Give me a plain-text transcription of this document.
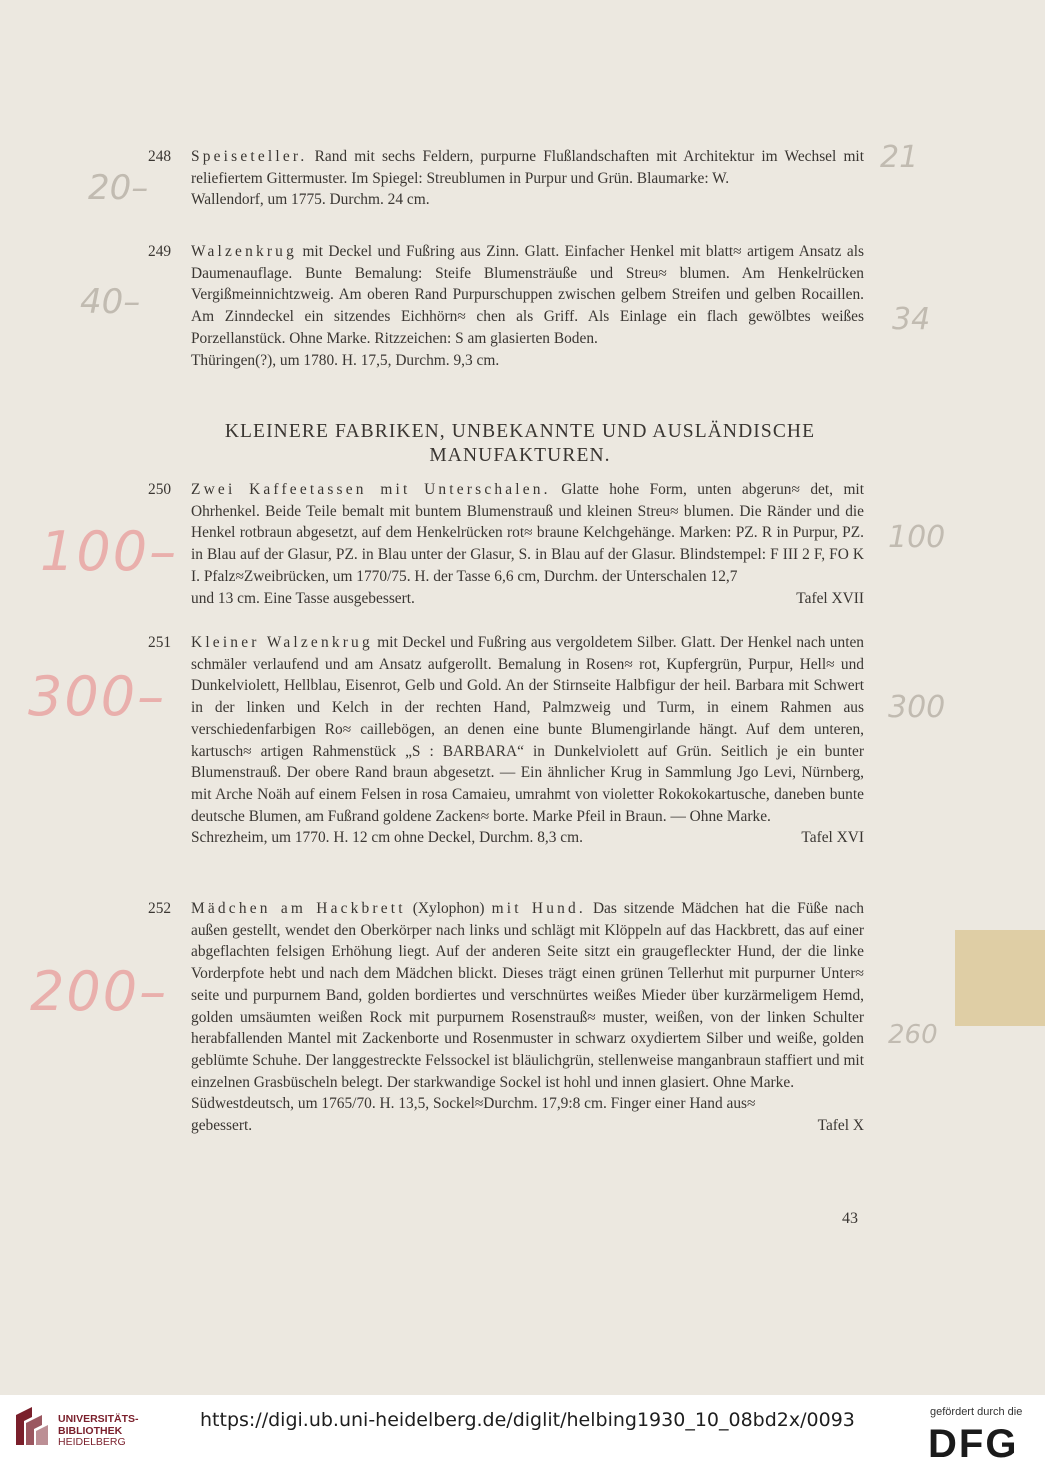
248 Speiseteller. Rand mit sechs Feldern, purpurne Flußlandschaften mit Architektur im Wechsel mit reliefiertem Gittermuster. Im Spiegel: Streublumen in Purpur und Grün. Blaumarke: W.

Wallendorf, um 1775. Durchm. 24 cm.

249 Walzenkrug mit Deckel und Fußring aus Zinn. Glatt. Einfacher Henkel mit blatt≈ artigem Ansatz als Daumenauflage. Bunte Bemalung: Steife Blumensträuße und Streu≈ blumen. Am Henkelrücken Vergißmeinnichtzweig. Am oberen Rand Purpurschuppen zwischen gelbem Streifen und gelben Rocaillen. Am Zinndeckel ein sitzendes Eichhörn≈ chen als Griff. Als Einlage ein flach gewölbtes weißes Porzellanstück. Ohne Marke. Ritzzeichen: S am glasierten Boden.

Thüringen(?), um 1780. H. 17,5, Durchm. 9,3 cm.

KLEINERE FABRIKEN, UNBEKANNTE UND AUSLÄNDISCHE
MANUFAKTUREN.
250 Zwei Kaffeetassen mit Unterschalen. Glatte hohe Form, unten abgerun≈ det, mit Ohrhenkel. Beide Teile bemalt mit buntem Blumenstrauß und kleinen Streu≈ blumen. Die Ränder und die Henkel rotbraun abgesetzt, auf dem Henkelrücken rot≈ braune Kelchgehänge. Marken: PZ. R in Purpur, PZ. in Blau auf der Glasur, PZ. in Blau unter der Glasur, S. in Blau auf der Glasur. Blindstempel: F III 2 F, FO K I. Pfalz≈Zweibrücken, um 1770/75. H. der Tasse 6,6 cm, Durchm. der Unterschalen 12,7

und 13 cm. Eine Tasse ausgebessert.	Tafel XVII

251 Kleiner Walzenkrug mit Deckel und Fußring aus vergoldetem Silber. Glatt. Der Henkel nach unten schmäler verlaufend und am Ansatz aufgerollt. Bemalung in Rosen≈ rot, Kupfergrün, Purpur, Hell≈ und Dunkelviolett, Hellblau, Eisenrot, Gelb und Gold. An der Stirnseite Halbfigur der heil. Barbara mit Schwert in der linken und Kelch in der rechten Hand, Palmzweig und Turm, in einem Rahmen aus verschiedenfarbigen Ro≈ caillebögen, an denen eine bunte Blumengirlande hängt. Auf dem unteren, kartusch≈ artigen Rahmenstück „S : BARBARA“ in Dunkelviolett auf Grün. Seitlich je ein bunter Blumenstrauß. Der obere Rand braun abgesetzt. — Ein ähnlicher Krug in Sammlung Jgo Levi, Nürnberg, mit Arche Noäh auf einem Felsen in rosa Camaieu, umrahmt von violetter Rokokokartusche, daneben bunte deutsche Blumen, am Fußrand goldene Zacken≈ borte. Marke Pfeil in Braun. — Ohne Marke.

Schrezheim, um 1770. H. 12 cm ohne Deckel, Durchm. 8,3 cm.	Tafel XVI

252 Mädchen am Hackbrett (Xylophon) mit Hund. Das sitzende Mädchen hat die Füße nach außen gestellt, wendet den Oberkörper nach links und schlägt mit Klöppeln auf das Hackbrett, das auf einer abgeflachten felsigen Erhöhung liegt. Auf der anderen Seite sitzt ein graugefleckter Hund, der die linke Vorderpfote hebt und nach dem Mädchen blickt. Dieses trägt einen grünen Tellerhut mit purpurner Unter≈ seite und purpurnem Band, golden bordiertes und verschnürtes weißes Mieder über kurzärmeligem Hemd, golden umsäumten weißen Rock mit purpurnem Rosenstrauß≈ muster, weißen, von der linken Schulter herabfallenden Mantel mit Zackenborte und Rosenmuster in schwarz oxydiertem Silber und weiße, golden geblümte Schuhe. Der langgestreckte Felssockel ist bläulichgrün, stellenweise manganbraun staffiert und mit einzelnen Grasbüscheln belegt. Der starkwandige Sockel ist hohl und innen glasiert. Ohne Marke.

Südwestdeutsch, um 1765/70. H. 13,5, Sockel≈Durchm. 17,9:8 cm. Finger einer Hand aus≈

gebessert.	Tafel X

43
20–
40–
100–
300–
200–
21
34
100
300
260
UNIVERSITÄTS-
BIBLIOTHEK
HEIDELBERG
https://digi.ub.uni-heidelberg.de/diglit/helbing1930_10_08bd2x/0093	gefördert durch die
DFG
